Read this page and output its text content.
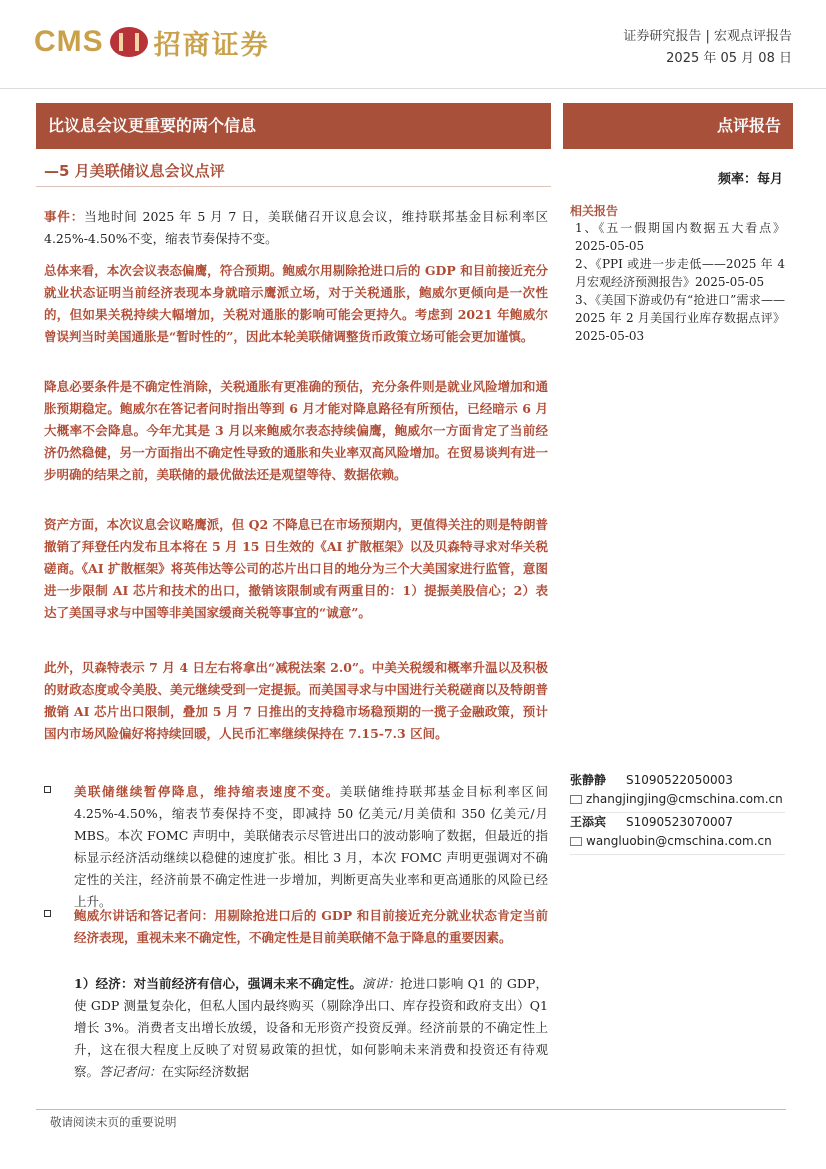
CMS 招商证券	证券研究报告 | 宏观点评报告
2025 年 05 月 08 日
比议息会议更重要的两个信息	点评报告
—5 月美联储议息会议点评	频率：每月
事件：当地时间 2025 年 5 月 7 日，美联储召开议息会议，维持联邦基金目标利率区 4.25%-4.50%不变，缩表节奏保持不变。
总体来看，本次会议表态偏鹰，符合预期。鲍威尔用剔除抢进口后的 GDP 和目前接近充分就业状态证明当前经济表现本身就暗示鹰派立场，对于关税通胀，鲍威尔更倾向是一次性的，但如果关税持续大幅增加，关税对通胀的影响可能会更持久。考虑到 2021 年鲍威尔曾误判当时美国通胀是“暂时性的”，因此本轮美联储调整货币政策立场可能会更加谨慎。
降息必要条件是不确定性消除，关税通胀有更准确的预估，充分条件则是就业风险增加和通胀预期稳定。鲍威尔在答记者问时指出等到 6 月才能对降息路径有所预估，已经暗示 6 月大概率不会降息。今年尤其是 3 月以来鲍威尔表态持续偏鹰，鲍威尔一方面肯定了当前经济仍然稳健，另一方面指出不确定性导致的通胀和失业率双高风险增加。在贸易谈判有进一步明确的结果之前，美联储的最优做法还是观望等待、数据依赖。
资产方面，本次议息会议略鹰派，但 Q2 不降息已在市场预期内，更值得关注的则是特朗普撤销了拜登任内发布且本将在 5 月 15 日生效的《AI 扩散框架》以及贝森特寻求对华关税磋商。《AI 扩散框架》将英伟达等公司的芯片出口目的地分为三个大美国家进行监管，意图进一步限制 AI 芯片和技术的出口，撤销该限制或有两重目的：1）提振美股信心；2）表达了美国寻求与中国等非美国家缓商关税等事宜的“诚意”。
此外，贝森特表示 7 月 4 日左右将拿出“减税法案 2.0”。中美关税缓和概率升温以及积极的财政态度或令美股、美元继续受到一定提振。而美国寻求与中国进行关税磋商以及特朗普撤销 AI 芯片出口限制，叠加 5 月 7 日推出的支持稳市场稳预期的一揽子金融政策，预计国内市场风险偏好将持续回暖，人民币汇率继续保持在 7.15-7.3 区间。
美联储继续暂停降息，维持缩表速度不变。美联储维持联邦基金目标利率区间 4.25%-4.50%，缩表节奏保持不变，即减持 50 亿美元/月美债和 350 亿美元/月 MBS。本次 FOMC 声明中，美联储表示尽管进出口的波动影响了数据，但最近的指标显示经济活动继续以稳健的速度扩张。相比 3 月，本次 FOMC 声明更强调对不确定性的关注，经济前景不确定性进一步增加，判断更高失业率和更高通胀的风险已经上升。
鲍威尔讲话和答记者问：用剔除抢进口后的 GDP 和目前接近充分就业状态肯定当前经济表现，重视未来不确定性，不确定性是目前美联储不急于降息的重要因素。
1）经济：对当前经济有信心，强调未来不确定性。演讲：抢进口影响 Q1 的 GDP，使 GDP 测量复杂化，但私人国内最终购买（剔除净出口、库存投资和政府支出）Q1 增长 3%。消费者支出增长放缓，设备和无形资产投资反弹。经济前景的不确定性上升，这在很大程度上反映了对贸易政策的担忧，如何影响未来消费和投资还有待观察。答记者问：在实际经济数据
相关报告
1、《五一假期国内数据五大看点》2025-05-05
2、《PPI 或进一步走低——2025 年 4 月宏观经济预测报告》2025-05-05
3、《美国下游或仍有“抢进口”需求——2025 年 2 月美国行业库存数据点评》2025-05-03
张静静 S1090522050003
zhangjingjing@cmschina.com.cn
王添宾 S1090523070007
wangluobin@cmschina.com.cn
敬请阅读末页的重要说明
